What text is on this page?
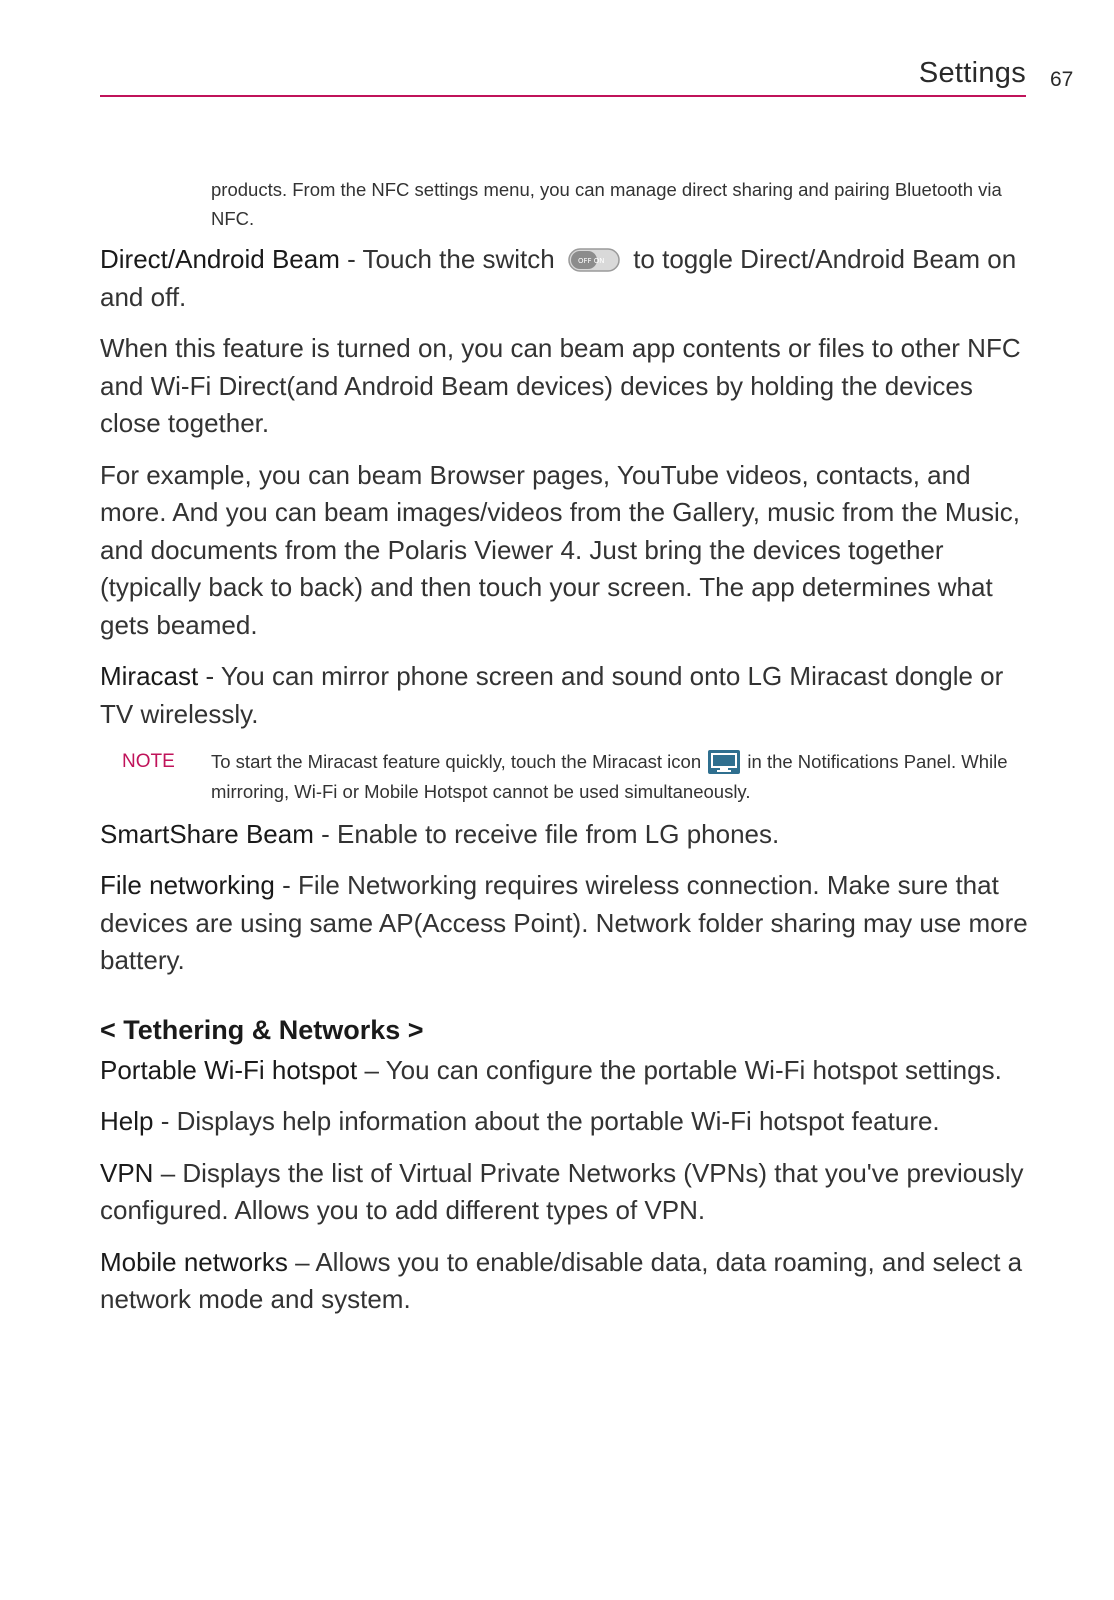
Settings 67
products. From the NFC settings menu, you can manage direct sharing and pairing Bluetooth via NFC.

Direct/Android Beam - Touch the switch OFF ON to toggle Direct/Android Beam on and off.

When this feature is turned on, you can beam app contents or files to other NFC and Wi-Fi Direct(and Android Beam devices) devices by holding the devices close together.

For example, you can beam Browser pages, YouTube videos, contacts, and more. And you can beam images/videos from the Gallery, music from the Music, and documents from the Polaris Viewer 4. Just bring the devices together (typically back to back) and then touch your screen. The app determines what gets beamed.

Miracast - You can mirror phone screen and sound onto LG Miracast dongle or TV wirelessly.

NOTE To start the Miracast feature quickly, touch the Miracast icon  in the Notifications Panel. While mirroring, Wi-Fi or Mobile Hotspot cannot be used simultaneously.

SmartShare Beam - Enable to receive file from LG phones.

File networking - File Networking requires wireless connection. Make sure that devices are using same AP(Access Point). Network folder sharing may use more battery.

< Tethering & Networks >

Portable Wi-Fi hotspot – You can configure the portable Wi-Fi hotspot settings.

Help - Displays help information about the portable Wi-Fi hotspot feature.

VPN – Displays the list of Virtual Private Networks (VPNs) that you've previously configured. Allows you to add different types of VPN.

Mobile networks – Allows you to enable/disable data, data roaming, and select a network mode and system.
